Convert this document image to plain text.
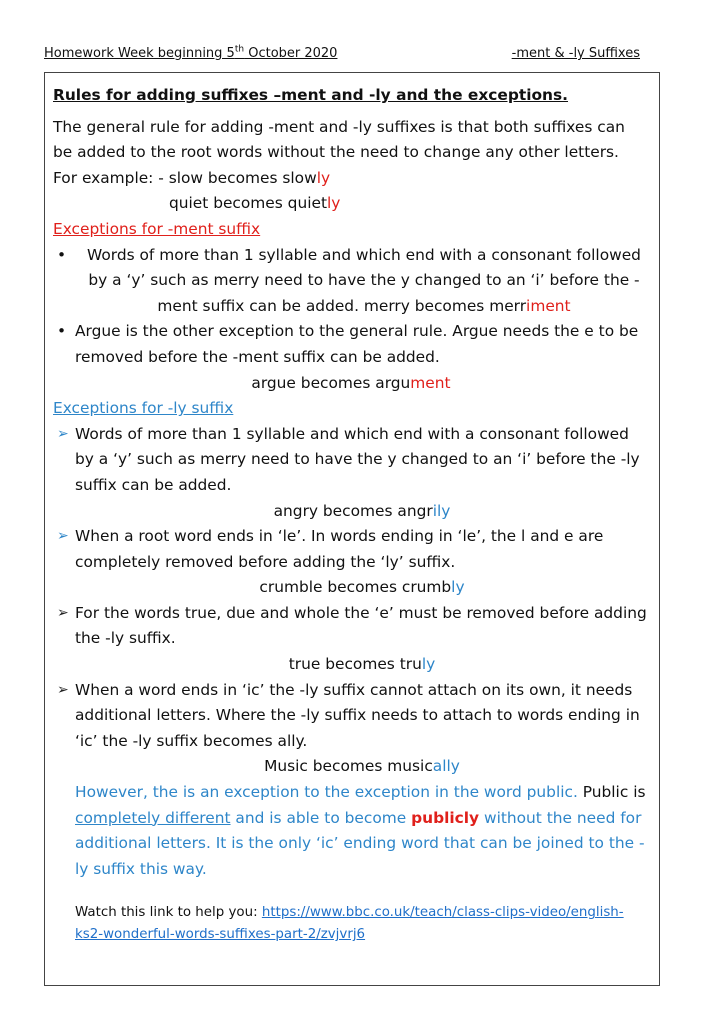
Homework Week beginning 5th October 2020	-ment & -ly Suffixes
Rules for adding suffixes –ment and -ly and the exceptions.

The general rule for adding -ment and -ly suffixes is that both suffixes can be added to the root words without the need to change any other letters.

For example: - slow becomes slowly

quiet becomes quietly

Exceptions for -ment suffix

•	Words of more than 1 syllable and which end with a consonant followed by a ‘y’ such as merry need to have the y changed to an ‘i’ before the -ment suffix can be added. merry becomes merriment

• Argue is the other exception to the general rule. Argue needs the e to be removed before the -ment suffix can be added.

argue becomes argument

Exceptions for -ly suffix

➢ Words of more than 1 syllable and which end with a consonant followed by a ‘y’ such as merry need to have the y changed to an ‘i’ before the -ly suffix can be added.

angry becomes angrily

➢ When a root word ends in ‘le’. In words ending in ‘le’, the l and e are completely removed before adding the ‘ly’ suffix.

crumble becomes crumbly

➢ For the words true, due and whole the ‘e’ must be removed before adding the -ly suffix.

true becomes truly

➢ When a word ends in ‘ic’ the -ly suffix cannot attach on its own, it needs additional letters. Where the -ly suffix needs to attach to words ending in ‘ic’ the -ly suffix becomes ally.

Music becomes musically

However, the is an exception to the exception in the word public. Public is completely different and is able to become publicly without the need for additional letters. It is the only ‘ic’ ending word that can be joined to the -ly suffix this way.

Watch this link to help you: https://www.bbc.co.uk/teach/class-clips-video/english-ks2-wonderful-words-suffixes-part-2/zvjvrj6
